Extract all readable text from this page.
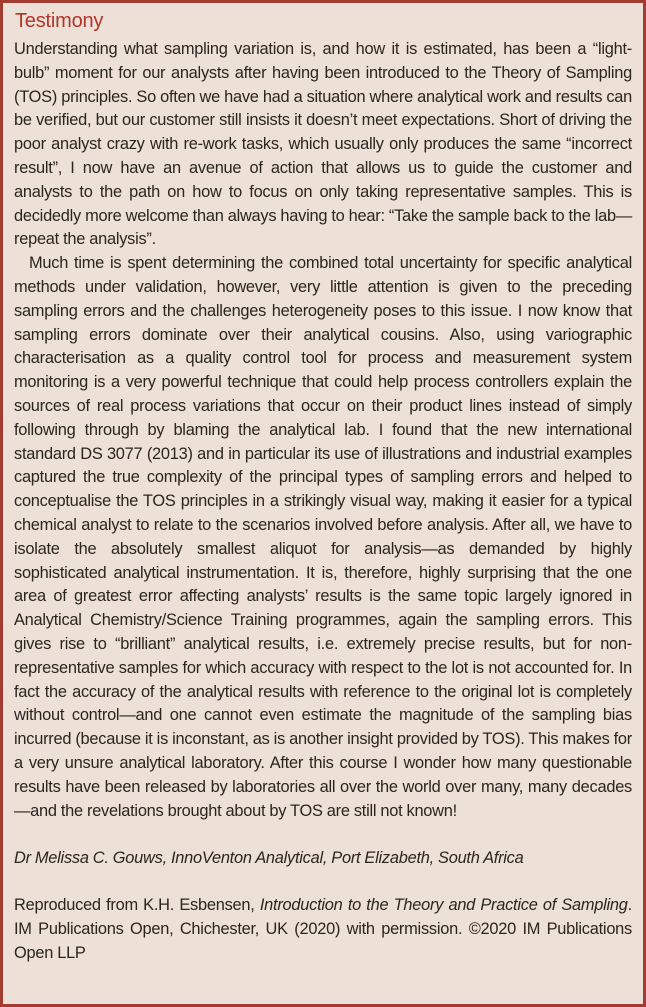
Testimony

Understanding what sampling variation is, and how it is estimated, has been a “light-bulb” moment for our analysts after having been introduced to the Theory of Sampling (TOS) principles. So often we have had a situation where analytical work and results can be verified, but our customer still insists it doesn’t meet expectations. Short of driving the poor analyst crazy with re-work tasks, which usually only produces the same “incorrect result”, I now have an avenue of action that allows us to guide the customer and analysts to the path on how to focus on only taking representative samples. This is decidedly more welcome than always having to hear: “Take the sample back to the lab—repeat the analysis”.

Much time is spent determining the combined total uncertainty for specific analytical methods under validation, however, very little attention is given to the preceding sampling errors and the challenges heterogeneity poses to this issue. I now know that sampling errors dominate over their analytical cousins. Also, using variographic characterisation as a quality control tool for process and measurement system monitoring is a very powerful technique that could help process controllers explain the sources of real process variations that occur on their product lines instead of simply following through by blaming the analytical lab. I found that the new international standard DS 3077 (2013) and in particular its use of illustrations and industrial examples captured the true complexity of the principal types of sampling errors and helped to conceptualise the TOS principles in a strikingly visual way, making it easier for a typical chemical analyst to relate to the scenarios involved before analysis. After all, we have to isolate the absolutely smallest aliquot for analysis—as demanded by highly sophisticated analytical instrumentation. It is, therefore, highly surprising that the one area of greatest error affecting analysts’ results is the same topic largely ignored in Analytical Chemistry/Science Training programmes, again the sampling errors. This gives rise to “brilliant” analytical results, i.e. extremely precise results, but for non-representative samples for which accuracy with respect to the lot is not accounted for. In fact the accuracy of the analytical results with reference to the original lot is completely without control—and one cannot even estimate the magnitude of the sampling bias incurred (because it is inconstant, as is another insight provided by TOS). This makes for a very unsure analytical laboratory. After this course I wonder how many questionable results have been released by laboratories all over the world over many, many decades—and the revelations brought about by TOS are still not known!

Dr Melissa C. Gouws, InnoVenton Analytical, Port Elizabeth, South Africa

Reproduced from K.H. Esbensen, Introduction to the Theory and Practice of Sampling. IM Publications Open, Chichester, UK (2020) with permission. ©2020 IM Publications Open LLP
